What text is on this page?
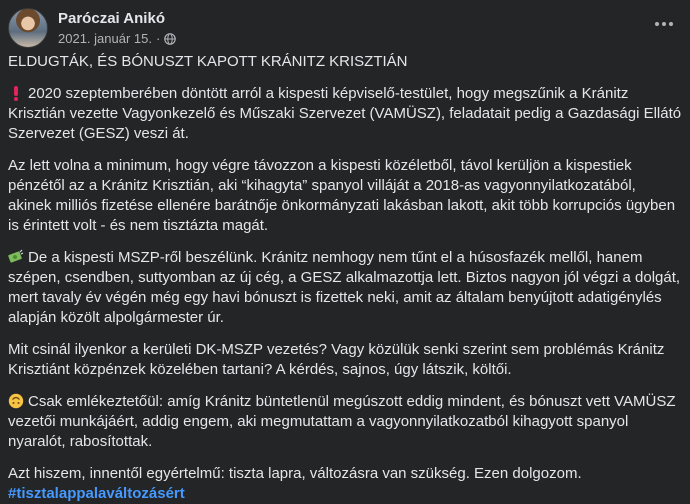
Paróczai Anikó
2021. január 15. ·

ELDUGTÁK, ÉS BÓNUSZT KAPOTT KRÁNITZ KRISZTIÁN

2020 szeptemberében döntött arról a kispesti képviselő-testület, hogy megszűnik a Kránitz Krisztián vezette Vagyonkezelő és Műszaki Szervezet (VAMÜSZ), feladatait pedig a Gazdasági Ellátó Szervezet (GESZ) veszi át.

Az lett volna a minimum, hogy végre távozzon a kispesti közéletből, távol kerüljön a kispestiek pénzétől az a Kránitz Krisztián, aki “kihagyta” spanyol villáját a 2018-as vagyonnyilatkozatából, akinek milliós fizetése ellenére barátnője önkormányzati lakásban lakott, akit több korrupciós ügyben is érintett volt - és nem tisztázta magát.

De a kispesti MSZP-ről beszélünk. Kránitz nemhogy nem tűnt el a húsosfazék mellől, hanem szépen, csendben, suttyomban az új cég, a GESZ alkalmazottja lett. Biztos nagyon jól végzi a dolgát, mert tavaly év végén még egy havi bónuszt is fizettek neki, amit az általam benyújtott adatigénylés alapján közölt alpolgármester úr.

Mit csinál ilyenkor a kerületi DK-MSZP vezetés? Vagy közülük senki szerint sem problémás Kránitz Krisztiánt közpénzek közelében tartani? A kérdés, sajnos, úgy látszik, költői.

Csak emlékeztetőül: amíg Kránitz büntetlenül megúszott eddig mindent, és bónuszt vett VAMÜSZ vezetői munkájáért, addig engem, aki megmutattam a vagyonnyilatkozatból kihagyott spanyol nyaralót, rabosítottak.

Azt hiszem, innentől egyértelmű: tiszta lapra, változásra van szükség. Ezen dolgozom.
#tisztalappalaváltozásért
